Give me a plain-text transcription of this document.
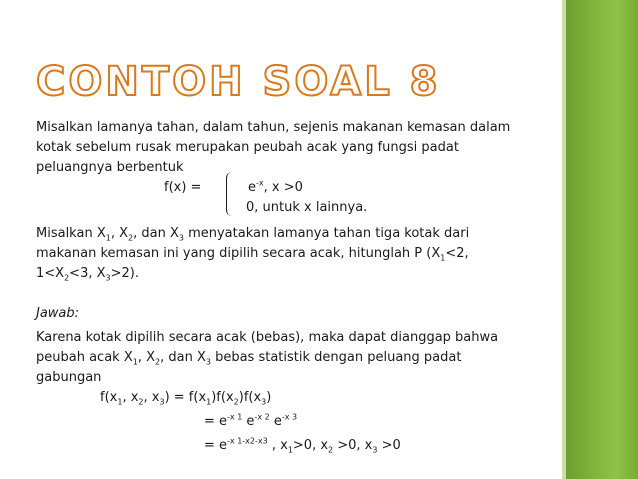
CONTOH SOAL 8
Misalkan lamanya tahan, dalam tahun, sejenis makanan kemasan dalam
kotak sebelum rusak merupakan peubah acak yang fungsi padat
peluangnya berbentuk
f(x) =	$e^{-x}$, x >0
0, untuk x lainnya.
Misalkan $X_1$, $X_2$, dan $X_3$ menyatakan lamanya tahan tiga kotak dari
makanan kemasan ini yang dipilih secara acak, hitunglah P ($X_1<2$,
$1<X_2<3$, $X_3>2$).
Jawab:
Karena kotak dipilih secara acak (bebas), maka dapat dianggap bahwa
peubah acak $X_1$, $X_2$, dan $X_3$ bebas statistik dengan peluang padat
gabungan
$f(x_1$, $x_2$, $x_3) = f(x_1)f(x_2)f(x_3)$
= $e^{-x 1}$ $e^{-x 2}$ $e^{-x 3}$
= $e^{-x 1-x2-x3}$ , $x_1>0$, $x_2 >0$, $x_3 >0$
